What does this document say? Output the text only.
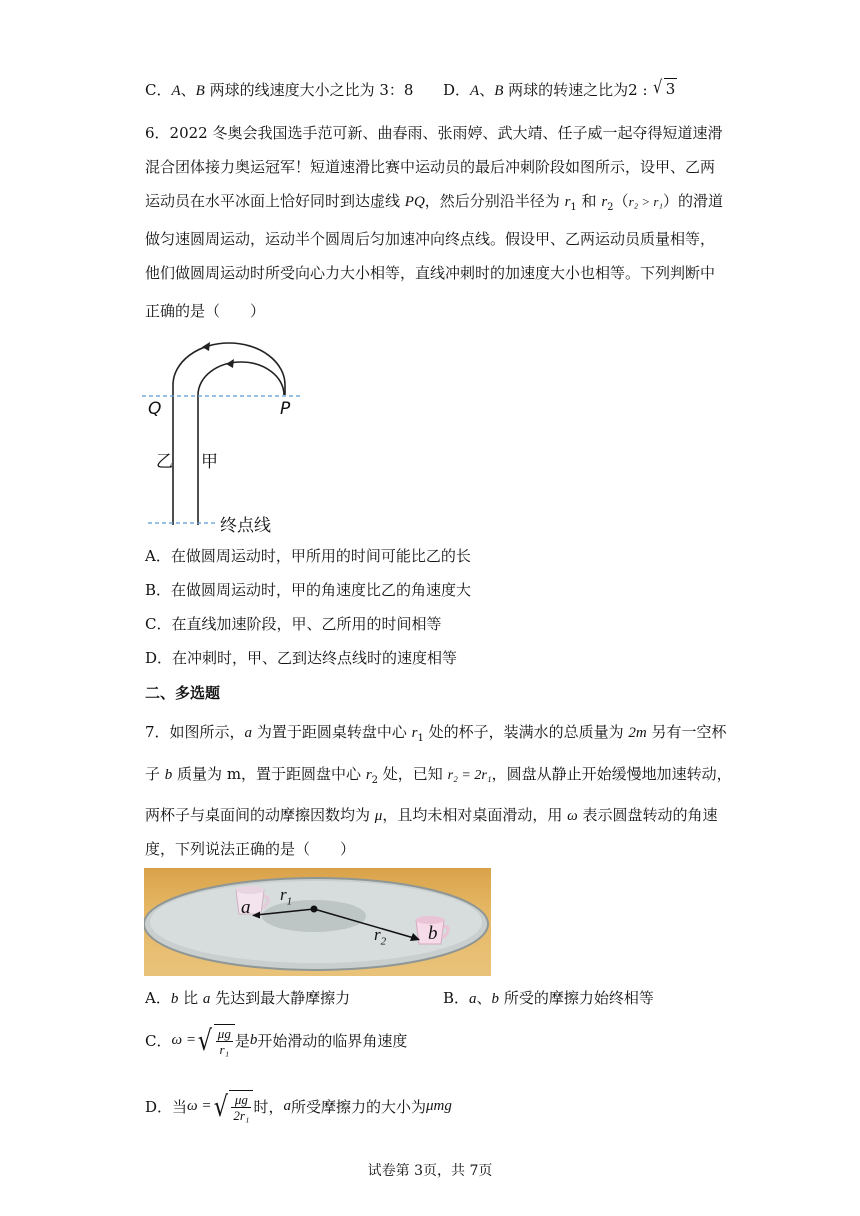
C．A、B 两球的线速度大小之比为 3：8 D．A、B 两球的转速之比为2 : √ 3
6．2022 冬奥会我国选手范可新、曲春雨、张雨婷、武大靖、任子威一起夺得短道速滑
混合团体接力奥运冠军！短道速滑比赛中运动员的最后冲刺阶段如图所示，设甲、乙两
运动员在水平冰面上恰好同时到达虚线 PQ，然后分别沿半径为 $r_1$ 和 $r_2(r_2 > r_1)$的滑道
做匀速圆周运动，运动半个圆周后匀加速冲向终点线。假设甲、乙两运动员质量相等，
他们做圆周运动时所受向心力大小相等，直线冲刺时的加速度大小也相等。下列判断中
正确的是（　　）
Q	P
乙 甲
终点线
A．在做圆周运动时，甲所用的时间可能比乙的长
B．在做圆周运动时，甲的角速度比乙的角速度大
C．在直线加速阶段，甲、乙所用的时间相等
D．在冲刺时，甲、乙到达终点线时的速度相等
二、多选题
7．如图所示，a 为置于距圆桌转盘中心 $r_1$ 处的杯子，装满水的总质量为 2m 另有一空杯
子 b 质量为 m，置于距圆盘中心 $r_2$ 处，已知 r₂ = 2r₁，圆盘从静止开始缓慢地加速转动，
两杯子与桌面间的动摩擦因数均为 μ，且均未相对桌面滑动，用 ω 表示圆盘转动的角速
度，下列说法正确的是（　　）
a
b
$r_1$
$r_2$
A．b 比 a 先达到最大静摩擦力	B．a、b 所受的摩擦力始终相等
C． ω = √ $\frac{\mu g}{\text{r₁}}$ 是 b 开始滑动的临界角速度
D．当 ω = √ $\frac{\mu g}{\text{2r₁}}$ 时， a 所受摩擦力的大小为 μmg
试卷第 3页，共 7页
